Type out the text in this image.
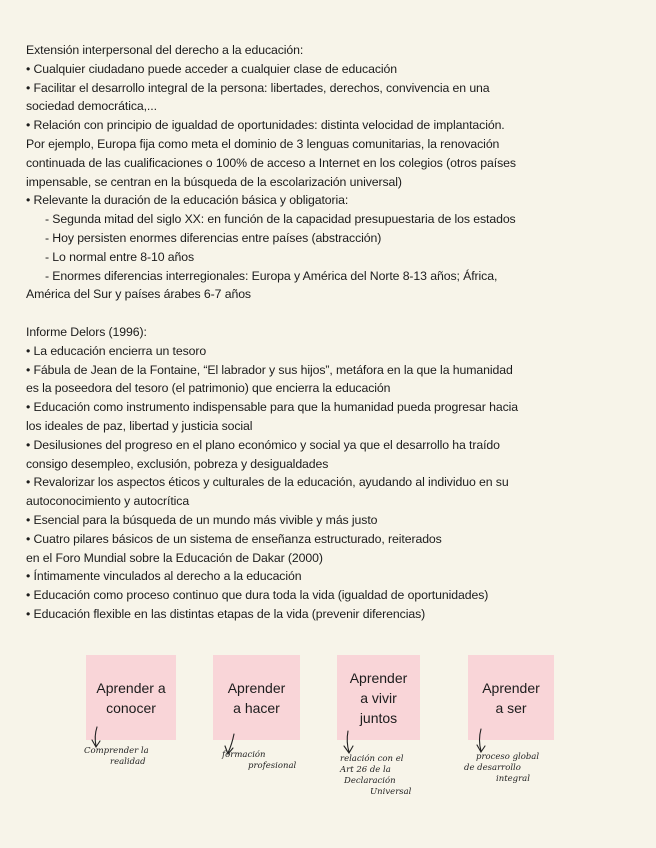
Extensión interpersonal del derecho a la educación:
• Cualquier ciudadano puede acceder a cualquier clase de educación
• Facilitar el desarrollo integral de la persona: libertades, derechos, convivencia en una
sociedad democrática,...
• Relación con principio de igualdad de oportunidades: distinta velocidad de implantación.
Por ejemplo, Europa fija como meta el dominio de 3 lenguas comunitarias, la renovación
continuada de las cualificaciones o 100% de acceso a Internet en los colegios (otros países
impensable, se centran en la búsqueda de la escolarización universal)
• Relevante la duración de la educación básica y obligatoria:
- Segunda mitad del siglo XX: en función de la capacidad presupuestaria de los estados
- Hoy persisten enormes diferencias entre países (abstracción)
- Lo normal entre 8-10 años
- Enormes diferencias interregionales: Europa y América del Norte 8-13 años; África,
América del Sur y países árabes 6-7 años
Informe Delors (1996):
• La educación encierra un tesoro
• Fábula de Jean de la Fontaine, “El labrador y sus hijos”, metáfora en la que la humanidad
es la poseedora del tesoro (el patrimonio) que encierra la educación
• Educación como instrumento indispensable para que la humanidad pueda progresar hacia
los ideales de paz, libertad y justicia social
• Desilusiones del progreso en el plano económico y social ya que el desarrollo ha traído
consigo desempleo, exclusión, pobreza y desigualdades
• Revalorizar los aspectos éticos y culturales de la educación, ayudando al individuo en su
autoconocimiento y autocrítica
• Esencial para la búsqueda de un mundo más vivible y más justo
• Cuatro pilares básicos de un sistema de enseñanza estructurado, reiterados
en el Foro Mundial sobre la Educación de Dakar (2000)
• Íntimamente vinculados al derecho a la educación
• Educación como proceso continuo que dura toda la vida (igualdad de oportunidades)
• Educación flexible en las distintas etapas de la vida (prevenir diferencias)
Aprender a
conocer
Aprender
a hacer
Aprender
a vivir
juntos
Aprender
a ser
Comprender la
realidad
formación
profesional
relación con el
Art 26 de la
Declaración
Universal
proceso global
de desarrollo
integral
